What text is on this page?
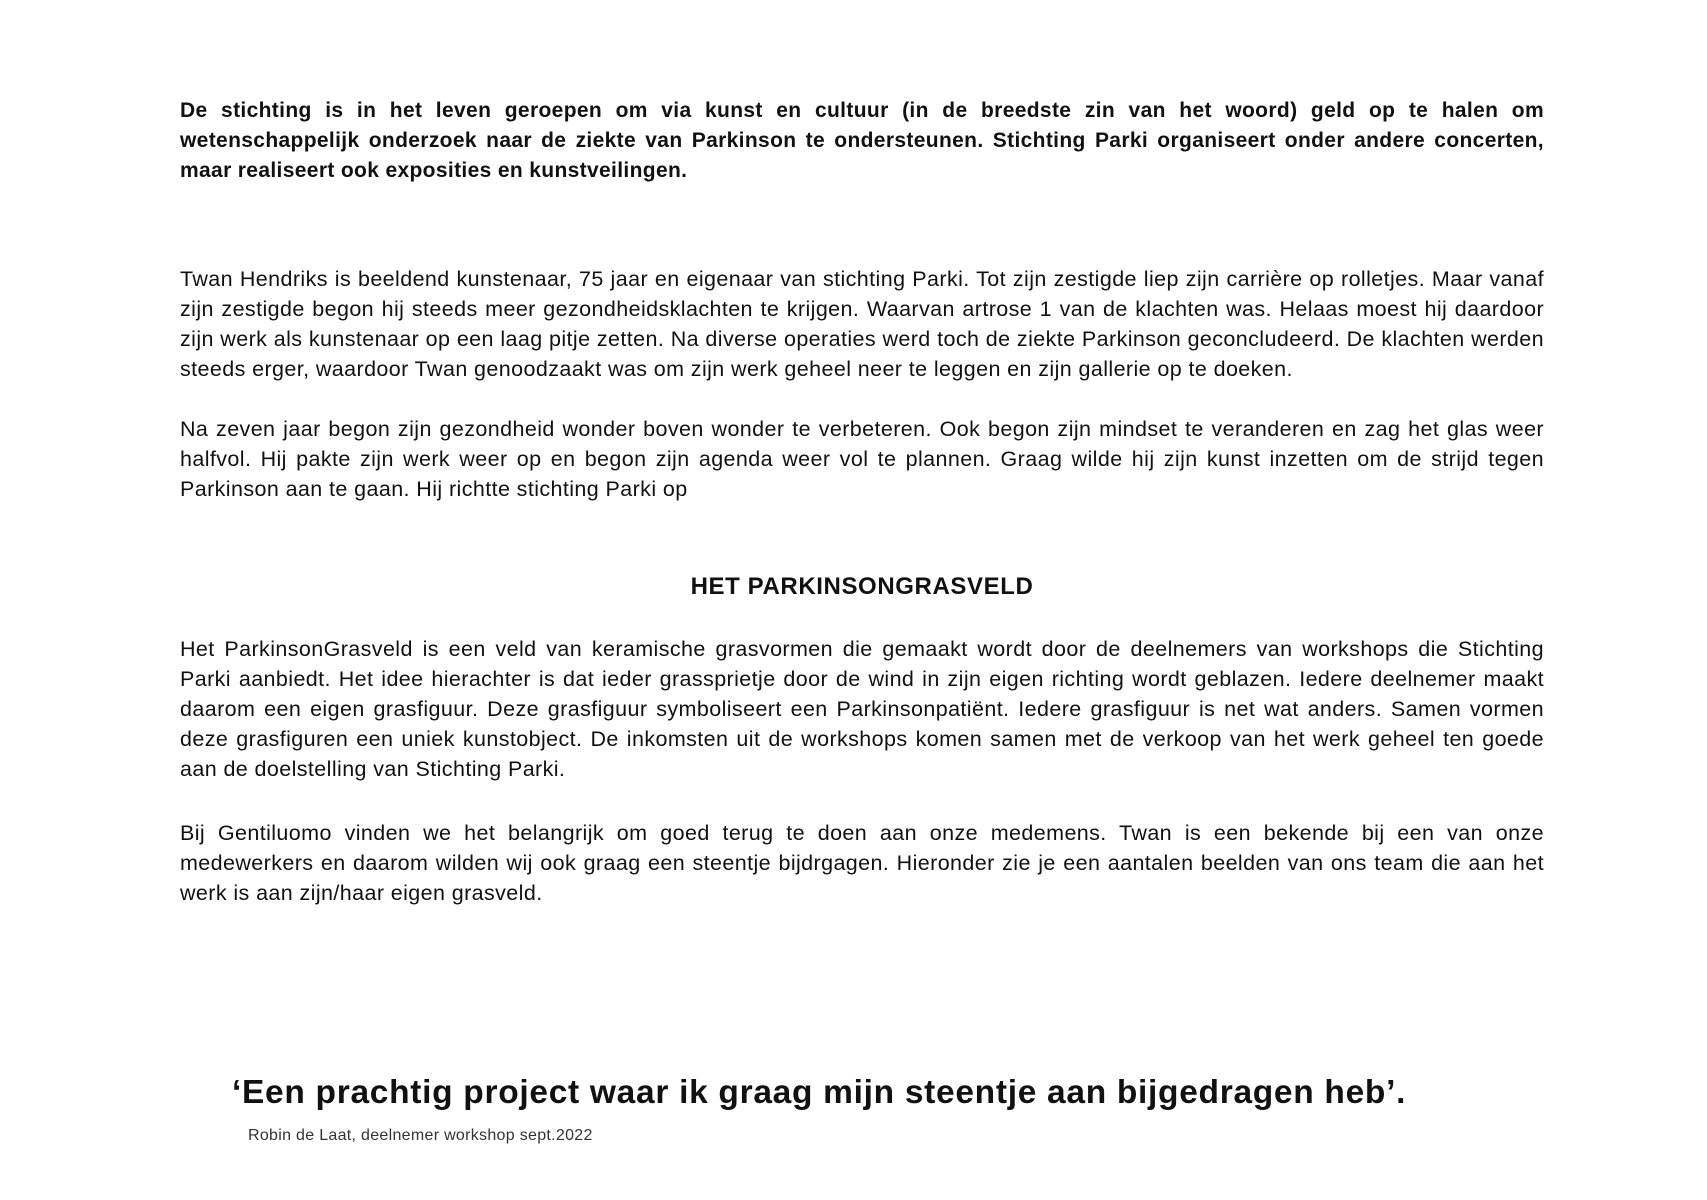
De stichting is in het leven geroepen om via kunst en cultuur (in de breedste zin van het woord) geld op te halen om wetenschappelijk onderzoek naar de ziekte van Parkinson te ondersteunen. Stichting Parki organiseert onder andere concerten, maar realiseert ook exposities en kunstveilingen.

Twan Hendriks is beeldend kunstenaar, 75 jaar en eigenaar van stichting Parki. Tot zijn zestigde liep zijn carrière op rolletjes. Maar vanaf zijn zestigde begon hij steeds meer gezondheidsklachten te krijgen. Waarvan artrose 1 van de klachten was. Helaas moest hij daardoor zijn werk als kunstenaar op een laag pitje zetten. Na diverse operaties werd toch de ziekte Parkinson geconcludeerd. De klachten werden steeds erger, waardoor Twan genoodzaakt was om zijn werk geheel neer te leggen en zijn gallerie op te doeken.

Na zeven jaar begon zijn gezondheid wonder boven wonder te verbeteren. Ook begon zijn mindset te veranderen en zag het glas weer halfvol. Hij pakte zijn werk weer op en begon zijn agenda weer vol te plannen. Graag wilde hij zijn kunst inzetten om de strijd tegen Parkinson aan te gaan. Hij richtte stichting Parki op

HET PARKINSONGRASVELD

Het ParkinsonGrasveld is een veld van keramische grasvormen die gemaakt wordt door de deelnemers van workshops die Stichting Parki aanbiedt. Het idee hierachter is dat ieder grassprietje door de wind in zijn eigen richting wordt geblazen. Iedere deelnemer maakt daarom een eigen grasfiguur. Deze grasfiguur symboliseert een Parkinsonpatiënt. Iedere grasfiguur is net wat anders. Samen vormen deze grasfiguren een uniek kunstobject. De inkomsten uit de workshops komen samen met de verkoop van het werk geheel ten goede aan de doelstelling van Stichting Parki.

Bij Gentiluomo vinden we het belangrijk om goed terug te doen aan onze medemens. Twan is een bekende bij een van onze medewerkers en daarom wilden wij ook graag een steentje bijdrgagen. Hieronder zie je een aantalen beelden van ons team die aan het werk is aan zijn/haar eigen grasveld.

‘Een prachtig project waar ik graag mijn steentje aan bijgedragen heb’.

Robin de Laat, deelnemer workshop sept.2022
